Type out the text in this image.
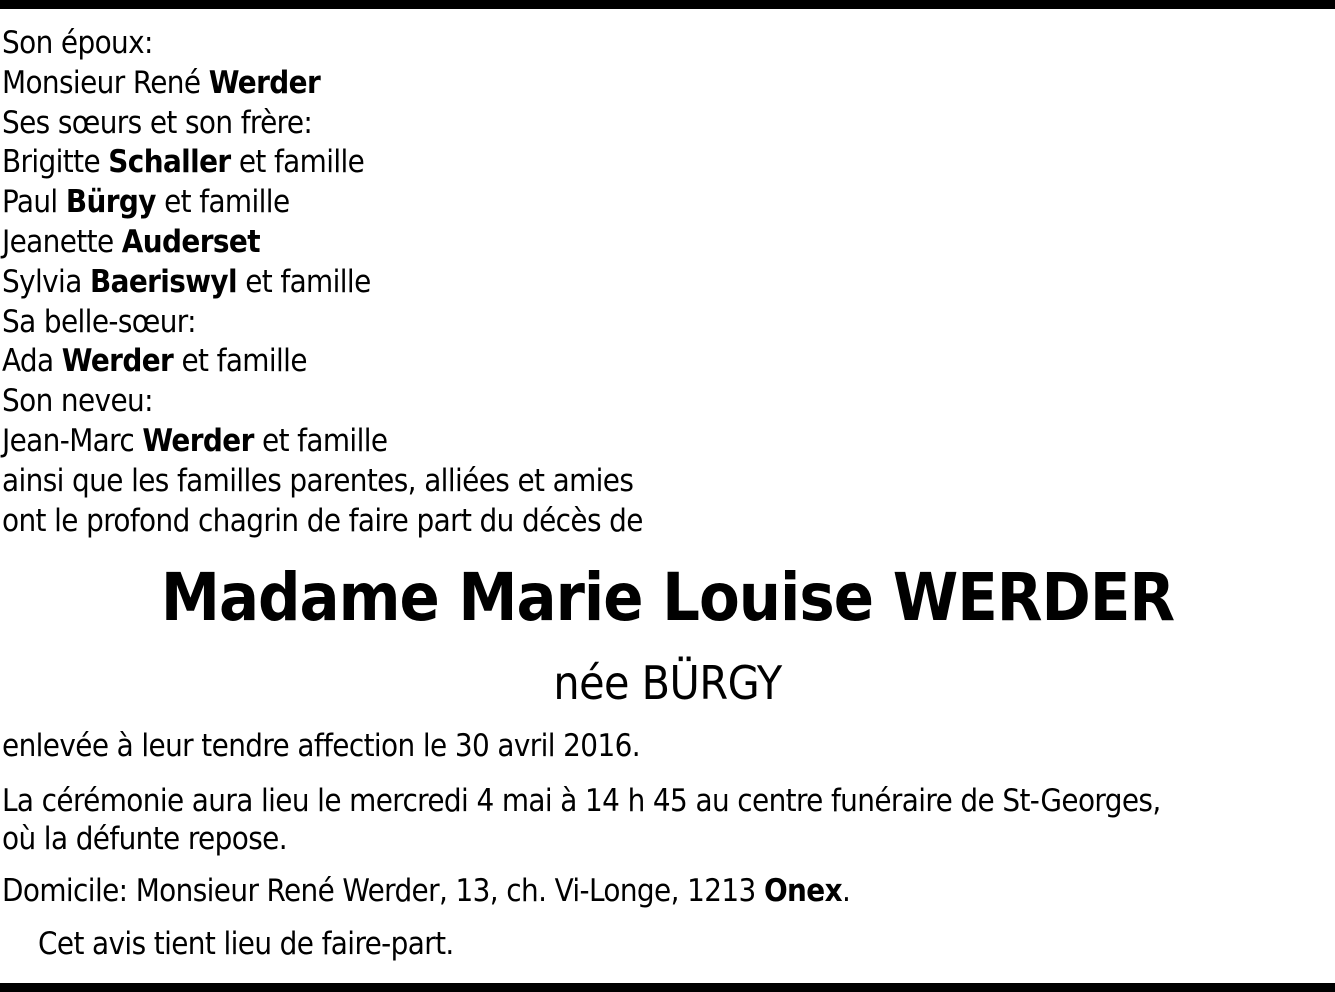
Son époux:
Monsieur René Werder
Ses sœurs et son frère:
Brigitte Schaller et famille
Paul Bürgy et famille
Jeanette Auderset
Sylvia Baeriswyl et famille
Sa belle-sœur:
Ada Werder et famille
Son neveu:
Jean-Marc Werder et famille
ainsi que les familles parentes, alliées et amies
ont le profond chagrin de faire part du décès de
Madame Marie Louise WERDER
née BÜRGY
enlevée à leur tendre affection le 30 avril 2016.
La cérémonie aura lieu le mercredi 4 mai à 14 h 45 au centre funéraire de St-Georges,
où la défunte repose.
Domicile: Monsieur René Werder, 13, ch. Vi-Longe, 1213 Onex.
Cet avis tient lieu de faire-part.
